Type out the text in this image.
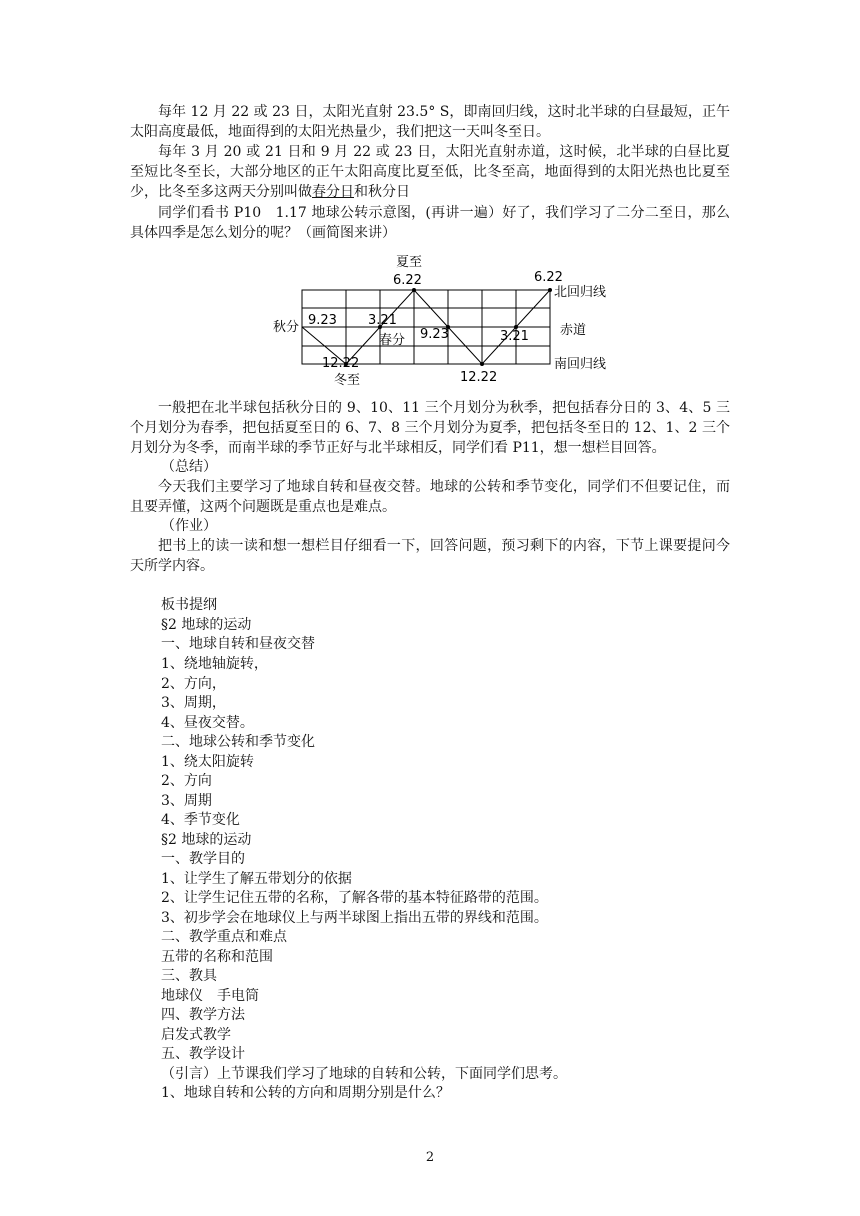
每年 12 月 22 或 23 日，太阳光直射 23.5° S，即南回归线，这时北半球的白昼最短，正午太阳高度最低，地面得到的太阳光热量少，我们把这一天叫冬至日。

每年 3 月 20 或 21 日和 9 月 22 或 23 日，太阳光直射赤道，这时候，北半球的白昼比夏至短比冬至长，大部分地区的正午太阳高度比夏至低，比冬至高，地面得到的太阳光热也比夏至少，比冬至多这两天分别叫做春分日和秋分日

同学们看书 P10　1.17 地球公转示意图，(再讲一遍）好了，我们学习了二分二至日，那么具体四季是怎么划分的呢？（画简图来讲）

夏至
6.22	6.22
北回归线
秋分 9.23 3.21
春分 9.23	3.21 赤道
12.22
冬至	12.22
南回归线

一般把在北半球包括秋分日的 9、10、11 三个月划分为秋季，把包括春分日的 3、4、5 三个月划分为春季，把包括夏至日的 6、7、8 三个月划分为夏季，把包括冬至日的 12、1、2 三个月划分为冬季，而南半球的季节正好与北半球相反，同学们看 P11，想一想栏目回答。

（总结）

今天我们主要学习了地球自转和昼夜交替。地球的公转和季节变化，同学们不但要记住，而且要弄懂，这两个问题既是重点也是难点。

（作业）

把书上的读一读和想一想栏目仔细看一下，回答问题，预习剩下的内容，下节上课要提问今天所学内容。

板书提纲

§2 地球的运动

一、地球自转和昼夜交替

1、绕地轴旋转，

2、方向，

3、周期，

4、昼夜交替。

二、地球公转和季节变化

1、绕太阳旋转

2、方向

3、周期

4、季节变化

§2 地球的运动

一、教学目的

1、让学生了解五带划分的依据

2、让学生记住五带的名称，了解各带的基本特征路带的范围。

3、初步学会在地球仪上与两半球图上指出五带的界线和范围。

二、教学重点和难点

五带的名称和范围

三、教具

地球仪　手电筒

四、教学方法

启发式教学

五、教学设计

（引言）上节课我们学习了地球的自转和公转，下面同学们思考。

1、地球自转和公转的方向和周期分别是什么？

2
